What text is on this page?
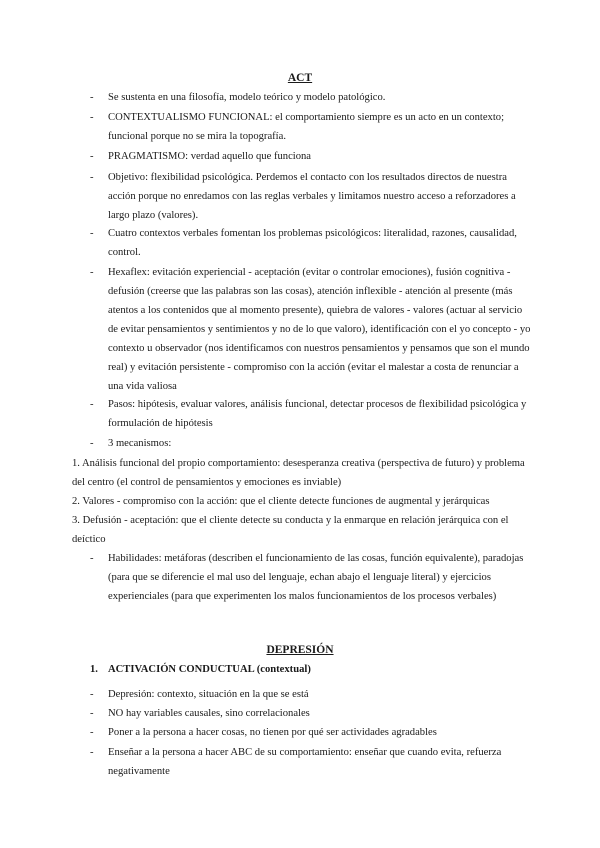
ACT
-	Se sustenta en una filosofía, modelo teórico y modelo patológico.
-	CONTEXTUALISMO FUNCIONAL: el comportamiento siempre es un acto en un contexto; funcional porque no se mira la topografía.
-	PRAGMATISMO: verdad aquello que funciona
-	Objetivo: flexibilidad psicológica. Perdemos el contacto con los resultados directos de nuestra acción porque no enredamos con las reglas verbales y limitamos nuestro acceso a reforzadores a largo plazo (valores).
-	Cuatro contextos verbales fomentan los problemas psicológicos: literalidad, razones, causalidad, control.
-	Hexaflex: evitación experiencial - aceptación (evitar o controlar emociones), fusión cognitiva - defusión (creerse que las palabras son las cosas), atención inflexible - atención al presente (más atentos a los contenidos que al momento presente), quiebra de valores - valores (actuar al servicio de evitar pensamientos y sentimientos y no de lo que valoro), identificación con el yo concepto - yo contexto u observador (nos identificamos con nuestros pensamientos y pensamos que son el mundo real) y evitación persistente - compromiso con la acción (evitar el malestar a costa de renunciar a una vida valiosa
-	Pasos: hipótesis, evaluar valores, análisis funcional, detectar procesos de flexibilidad psicológica y formulación de hipótesis
-	3 mecanismos:
1. Análisis funcional del propio comportamiento: desesperanza creativa (perspectiva de futuro) y problema del centro (el control de pensamientos y emociones es inviable)
2. Valores - compromiso con la acción: que el cliente detecte funciones de augmental y jerárquicas
3. Defusión - aceptación: que el cliente detecte su conducta y la enmarque en relación jerárquica con el deíctico
-	Habilidades: metáforas (describen el funcionamiento de las cosas, función equivalente), paradojas (para que se diferencie el mal uso del lenguaje, echan abajo el lenguaje literal) y ejercicios experienciales (para que experimenten los malos funcionamientos de los procesos verbales)
DEPRESIÓN
1. ACTIVACIÓN CONDUCTUAL (contextual)
-	Depresión: contexto, situación en la que se está
-	NO hay variables causales, sino correlacionales
-	Poner a la persona a hacer cosas, no tienen por qué ser actividades agradables
-	Enseñar a la persona a hacer ABC de su comportamiento: enseñar que cuando evita, refuerza negativamente
